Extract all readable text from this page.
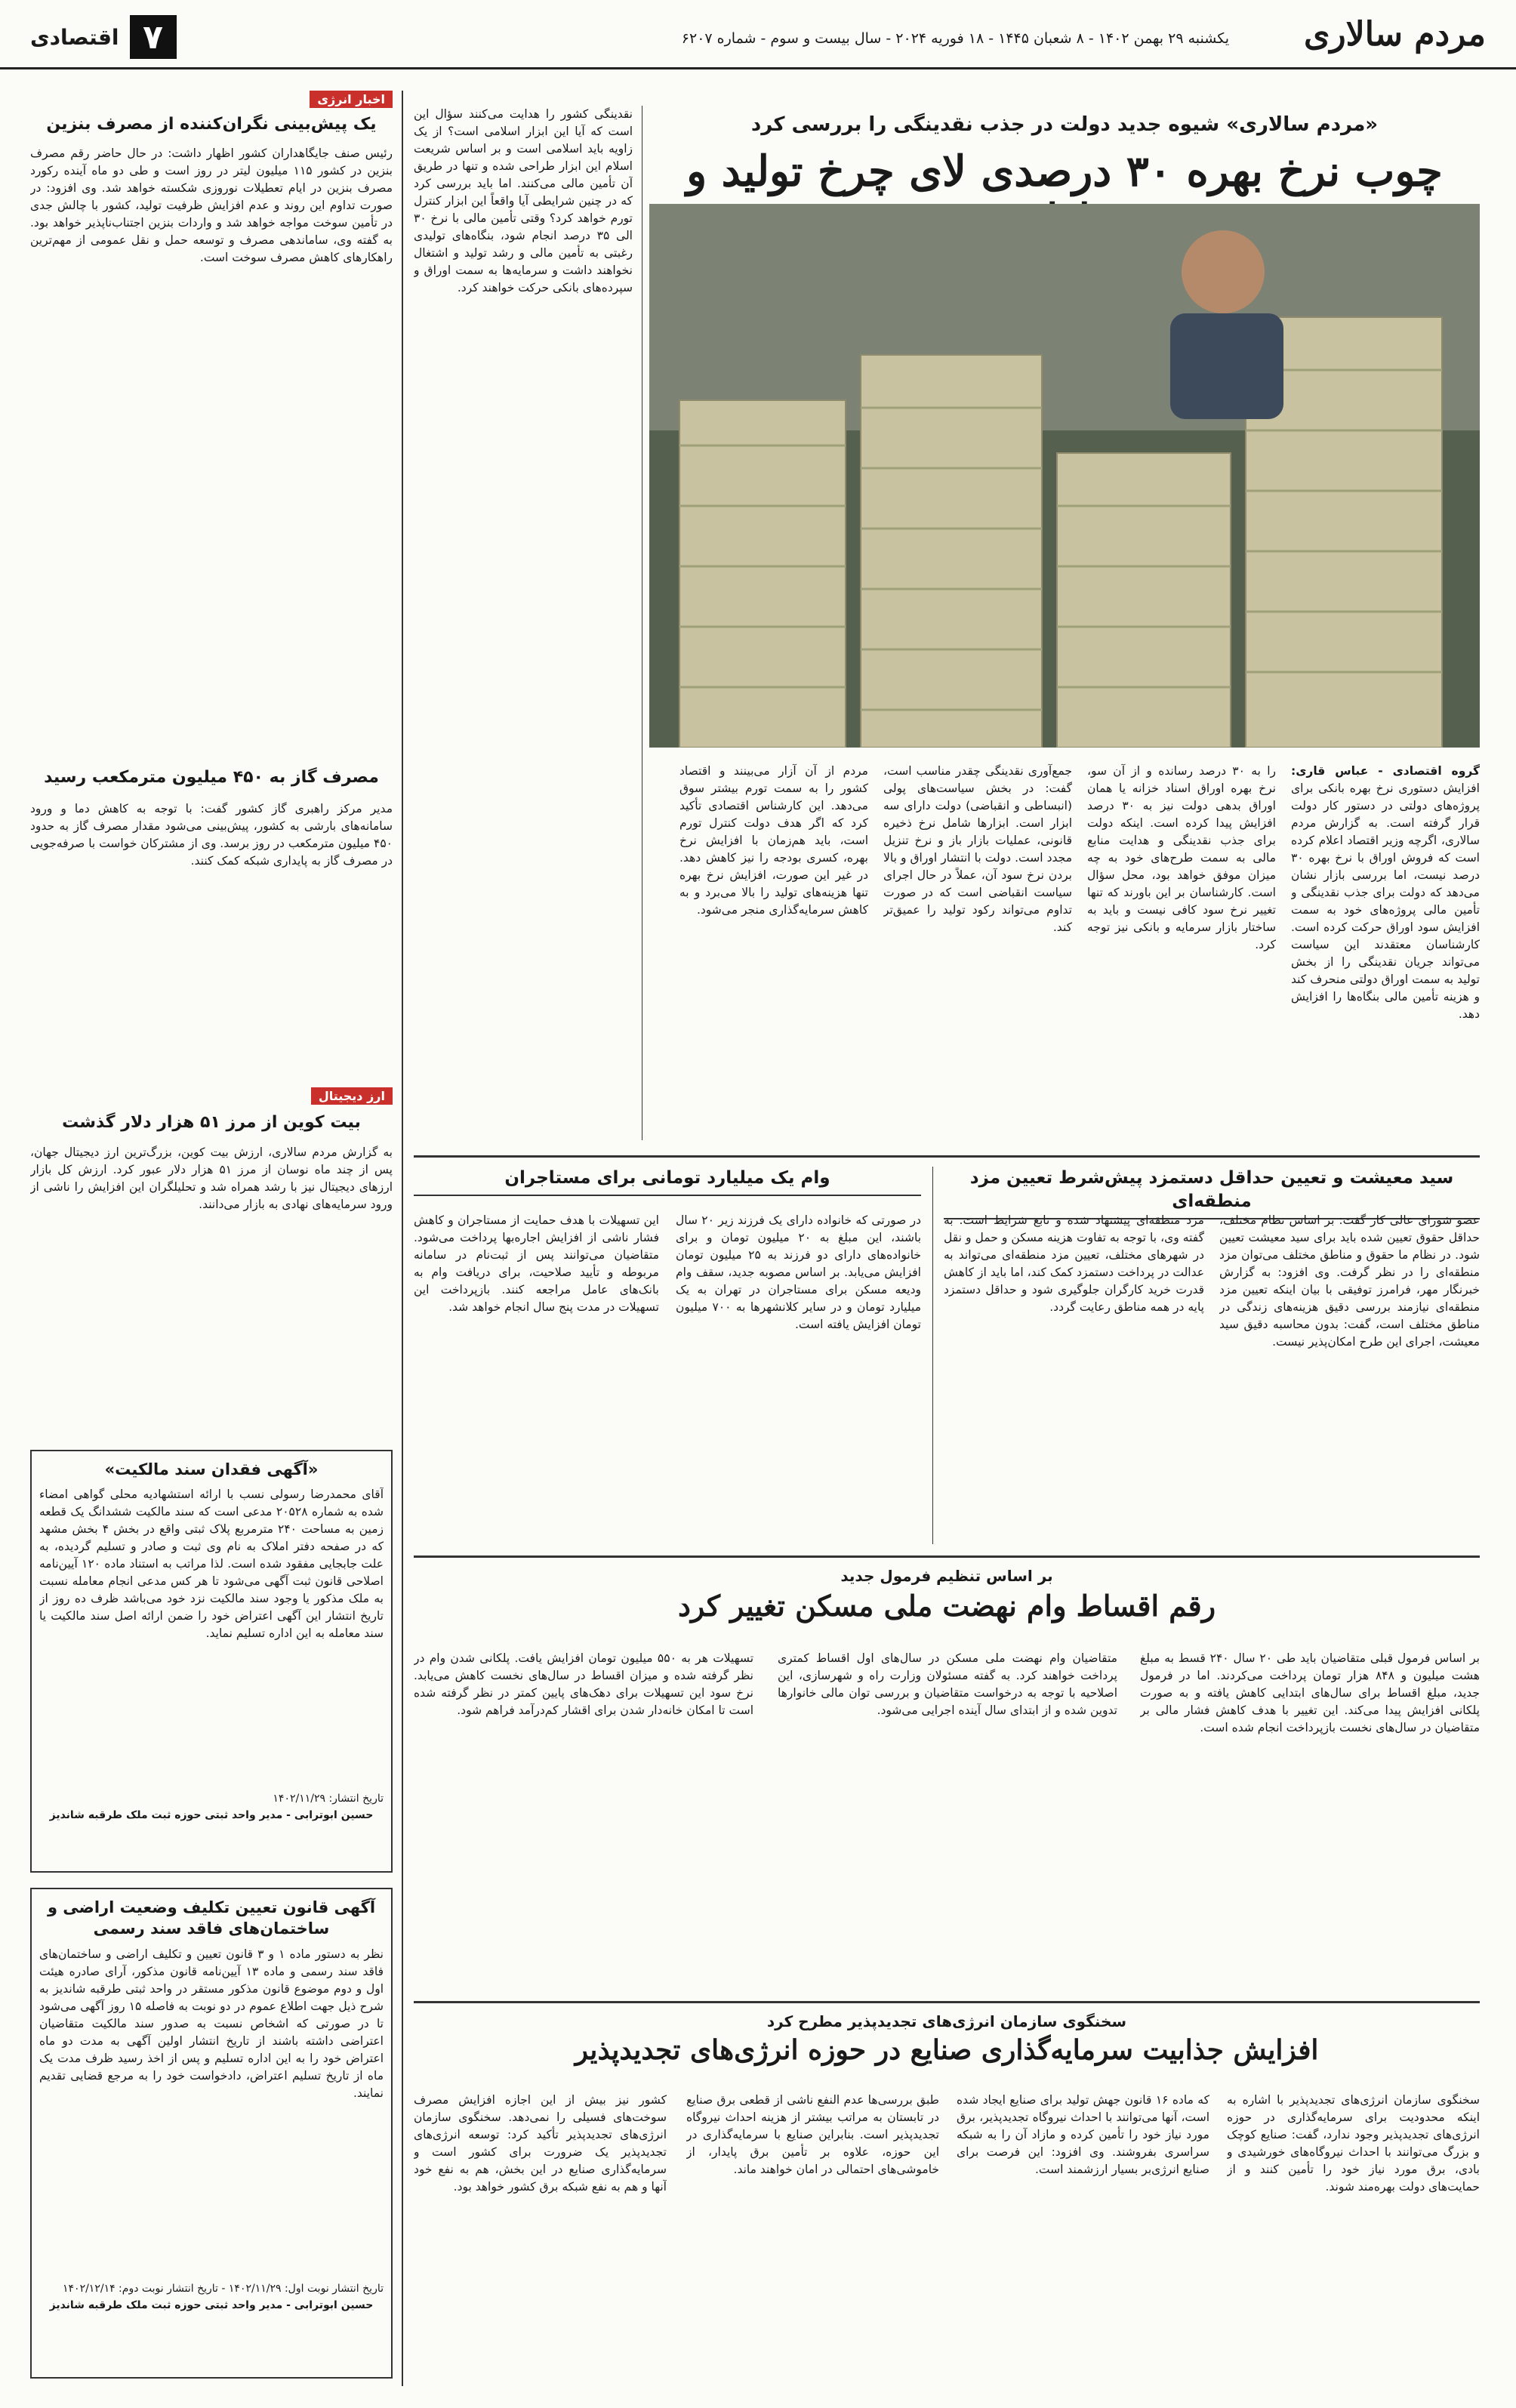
مردم سالاری
یکشنبه ۲۹ بهمن ۱۴۰۲ - ۸ شعبان ۱۴۴۵ - ۱۸ فوریه ۲۰۲۴ - سال بیست و سوم - شماره ۶۲۰۷
۷
اقتصادی
اخبار انرژی
یک پیش‌بینی نگران‌کننده از مصرف بنزین
رئیس صنف جایگاهداران کشور اظهار داشت: در حال حاضر رقم مصرف بنزین در کشور ۱۱۵ میلیون لیتر در روز است و طی دو ماه آینده رکورد مصرف بنزین در ایام تعطیلات نوروزی شکسته خواهد شد. وی افزود: در صورت تداوم این روند و عدم افزایش ظرفیت تولید، کشور با چالش جدی در تأمین سوخت مواجه خواهد شد و واردات بنزین اجتناب‌ناپذیر خواهد بود. به گفته وی، ساماندهی مصرف و توسعه حمل و نقل عمومی از مهم‌ترین راهکارهای کاهش مصرف سوخت است.
مصرف گاز به ۴۵۰ میلیون مترمکعب رسید
مدیر مرکز راهبری گاز کشور گفت: با توجه به کاهش دما و ورود سامانه‌های بارشی به کشور، پیش‌بینی می‌شود مقدار مصرف گاز به حدود ۴۵۰ میلیون مترمکعب در روز برسد. وی از مشترکان خواست با صرفه‌جویی در مصرف گاز به پایداری شبکه کمک کنند.
ارز دیجیتال
بیت کوین از مرز ۵۱ هزار دلار گذشت
به گزارش مردم سالاری، ارزش بیت کوین، بزرگ‌ترین ارز دیجیتال جهان، پس از چند ماه نوسان از مرز ۵۱ هزار دلار عبور کرد. ارزش کل بازار ارزهای دیجیتال نیز با رشد همراه شد و تحلیلگران این افزایش را ناشی از ورود سرمایه‌های نهادی به بازار می‌دانند.
«آگهی فقدان سند مالکیت»
آقای محمدرضا رسولی نسب با ارائه استشهادیه محلی گواهی امضاء شده به شماره ۲۰۵۲۸ مدعی است که سند مالکیت ششدانگ یک قطعه زمین به مساحت ۲۴۰ مترمربع پلاک ثبتی واقع در بخش ۴ بخش مشهد که در صفحه دفتر املاک به نام وی ثبت و صادر و تسلیم گردیده، به علت جابجایی مفقود شده است. لذا مراتب به استناد ماده ۱۲۰ آیین‌نامه اصلاحی قانون ثبت آگهی می‌شود تا هر کس مدعی انجام معامله نسبت به ملک مذکور یا وجود سند مالکیت نزد خود می‌باشد ظرف ده روز از تاریخ انتشار این آگهی اعتراض خود را ضمن ارائه اصل سند مالکیت یا سند معامله به این اداره تسلیم نماید.
تاریخ انتشار: ۱۴۰۲/۱۱/۲۹
حسین ابوترابی - مدیر واحد ثبتی حوزه ثبت ملک طرقبه شاندیز
آگهی قانون تعیین تکلیف وضعیت اراضی و ساختمان‌های فاقد سند رسمی
نظر به دستور ماده ۱ و ۳ قانون تعیین و تکلیف اراضی و ساختمان‌های فاقد سند رسمی و ماده ۱۳ آیین‌نامه قانون مذکور، آرای صادره هیئت اول و دوم موضوع قانون مذکور مستقر در واحد ثبتی طرقبه شاندیز به شرح ذیل جهت اطلاع عموم در دو نوبت به فاصله ۱۵ روز آگهی می‌شود تا در صورتی که اشخاص نسبت به صدور سند مالکیت متقاضیان اعتراضی داشته باشند از تاریخ انتشار اولین آگهی به مدت دو ماه اعتراض خود را به این اداره تسلیم و پس از اخذ رسید ظرف مدت یک ماه از تاریخ تسلیم اعتراض، دادخواست خود را به مرجع قضایی تقدیم نمایند.
تاریخ انتشار نوبت اول: ۱۴۰۲/۱۱/۲۹ - تاریخ انتشار نوبت دوم: ۱۴۰۲/۱۲/۱۴
حسین ابوترابی - مدیر واحد ثبتی حوزه ثبت ملک طرقبه شاندیز
«مردم سالاری» شیوه جدید دولت در جذب نقدینگی را بررسی کرد
چوب نرخ بهره ۳۰ درصدی لای چرخ تولید و
گروه اقتصادی - عباس قاری: افزایش دستوری نرخ بهره بانکی برای پروژه‌های دولتی در دستور کار دولت قرار گرفته است. به گزارش مردم سالاری، اگرچه وزیر اقتصاد اعلام کرده است که فروش اوراق با نرخ بهره ۳۰ درصد نیست، اما بررسی بازار نشان می‌دهد که دولت برای جذب نقدینگی و تأمین مالی پروژه‌های خود به سمت افزایش سود اوراق حرکت کرده است. کارشناسان معتقدند این سیاست می‌تواند جریان نقدینگی را از بخش تولید به سمت اوراق دولتی منحرف کند و هزینه تأمین مالی بنگاه‌ها را افزایش دهد.
را به ۳۰ درصد رسانده و از آن سو، نرخ بهره اوراق اسناد خزانه یا همان اوراق بدهی دولت نیز به ۳۰ درصد افزایش پیدا کرده است. اینکه دولت برای جذب نقدینگی و هدایت منابع مالی به سمت طرح‌های خود به چه میزان موفق خواهد بود، محل سؤال است. کارشناسان بر این باورند که تنها تغییر نرخ سود کافی نیست و باید به ساختار بازار سرمایه و بانکی نیز توجه کرد.
جمع‌آوری نقدینگی چقدر مناسب است، گفت: در بخش سیاست‌های پولی (انبساطی و انقباضی) دولت دارای سه ابزار است. ابزارها شامل نرخ ذخیره قانونی، عملیات بازار باز و نرخ تنزیل مجدد است. دولت با انتشار اوراق و بالا بردن نرخ سود آن، عملاً در حال اجرای سیاست انقباضی است که در صورت تداوم می‌تواند رکود تولید را عمیق‌تر کند.
مردم از آن آزار می‌بینند و اقتصاد کشور را به سمت تورم بیشتر سوق می‌دهد. این کارشناس اقتصادی تأکید کرد که اگر هدف دولت کنترل تورم است، باید هم‌زمان با افزایش نرخ بهره، کسری بودجه را نیز کاهش دهد. در غیر این صورت، افزایش نرخ بهره تنها هزینه‌های تولید را بالا می‌برد و به کاهش سرمایه‌گذاری منجر می‌شود.
نقدینگی کشور را هدایت می‌کنند سؤال این است که آیا این ابزار اسلامی است؟ از یک زاویه باید اسلامی است و بر اساس شریعت اسلام این ابزار طراحی شده و تنها در طریق آن تأمین مالی می‌کنند. اما باید بررسی کرد که در چنین شرایطی آیا واقعاً این ابزار کنترل تورم خواهد کرد؟ وقتی تأمین مالی با نرخ ۳۰ الی ۳۵ درصد انجام شود، بنگاه‌های تولیدی رغبتی به تأمین مالی و رشد تولید و اشتغال نخواهند داشت و سرمایه‌ها به سمت اوراق و سپرده‌های بانکی حرکت خواهند کرد.
سید معیشت و تعیین حداقل دستمزد پیش‌شرط تعیین مزد منطقه‌ای
عضو شورای عالی کار گفت: بر اساس نظام مختلف، حداقل حقوق تعیین شده باید برای سید معیشت تعیین شود. در نظام ما حقوق و مناطق مختلف می‌توان مزد منطقه‌ای را در نظر گرفت. وی افزود: به گزارش خبرنگار مهر، فرامرز توفیقی با بیان اینکه تعیین مزد منطقه‌ای نیازمند بررسی دقیق هزینه‌های زندگی در مناطق مختلف است، گفت: بدون محاسبه دقیق سید معیشت، اجرای این طرح امکان‌پذیر نیست.
مزد منطقه‌ای پیشنهاد شده و تابع شرایط است. به گفته وی، با توجه به تفاوت هزینه مسکن و حمل و نقل در شهرهای مختلف، تعیین مزد منطقه‌ای می‌تواند به عدالت در پرداخت دستمزد کمک کند، اما باید از کاهش قدرت خرید کارگران جلوگیری شود و حداقل دستمزد پایه در همه مناطق رعایت گردد.
وام یک میلیارد تومانی برای مستاجران
در صورتی که خانواده دارای یک فرزند زیر ۲۰ سال باشند، این مبلغ به ۲۰ میلیون تومان و برای خانواده‌های دارای دو فرزند به ۲۵ میلیون تومان افزایش می‌یابد. بر اساس مصوبه جدید، سقف وام ودیعه مسکن برای مستاجران در تهران به یک میلیارد تومان و در سایر کلانشهرها به ۷۰۰ میلیون تومان افزایش یافته است.
این تسهیلات با هدف حمایت از مستاجران و کاهش فشار ناشی از افزایش اجاره‌بها پرداخت می‌شود. متقاضیان می‌توانند پس از ثبت‌نام در سامانه مربوطه و تأیید صلاحیت، برای دریافت وام به بانک‌های عامل مراجعه کنند. بازپرداخت این تسهیلات در مدت پنج سال انجام خواهد شد.
بر اساس تنظیم فرمول جدید
رقم اقساط وام نهضت ملی مسکن تغییر کرد
بر اساس فرمول قبلی متقاضیان باید طی ۲۰ سال ۲۴۰ قسط به مبلغ هشت میلیون و ۸۴۸ هزار تومان پرداخت می‌کردند. اما در فرمول جدید، مبلغ اقساط برای سال‌های ابتدایی کاهش یافته و به صورت پلکانی افزایش پیدا می‌کند. این تغییر با هدف کاهش فشار مالی بر متقاضیان در سال‌های نخست بازپرداخت انجام شده است.
متقاضیان وام نهضت ملی مسکن در سال‌های اول اقساط کمتری پرداخت خواهند کرد. به گفته مسئولان وزارت راه و شهرسازی، این اصلاحیه با توجه به درخواست متقاضیان و بررسی توان مالی خانوارها تدوین شده و از ابتدای سال آینده اجرایی می‌شود.
تسهیلات هر به ۵۵۰ میلیون تومان افزایش یافت. پلکانی شدن وام در نظر گرفته شده و میزان اقساط در سال‌های نخست کاهش می‌یابد. نرخ سود این تسهیلات برای دهک‌های پایین کمتر در نظر گرفته شده است تا امکان خانه‌دار شدن برای اقشار کم‌درآمد فراهم شود.
سخنگوی سازمان انرژی‌های تجدیدپذیر مطرح کرد
افزایش جذابیت سرمایه‌گذاری صنایع در حوزه انرژی‌های تجدیدپذیر
سخنگوی سازمان انرژی‌های تجدیدپذیر با اشاره به اینکه محدودیت برای سرمایه‌گذاری در حوزه انرژی‌های تجدیدپذیر وجود ندارد، گفت: صنایع کوچک و بزرگ می‌توانند با احداث نیروگاه‌های خورشیدی و بادی، برق مورد نیاز خود را تأمین کنند و از حمایت‌های دولت بهره‌مند شوند.
که ماده ۱۶ قانون جهش تولید برای صنایع ایجاد شده است، آنها می‌توانند با احداث نیروگاه تجدیدپذیر، برق مورد نیاز خود را تأمین کرده و مازاد آن را به شبکه سراسری بفروشند. وی افزود: این فرصت برای صنایع انرژی‌بر بسیار ارزشمند است.
طبق بررسی‌ها عدم النفع ناشی از قطعی برق صنایع در تابستان به مراتب بیشتر از هزینه احداث نیروگاه تجدیدپذیر است. بنابراین صنایع با سرمایه‌گذاری در این حوزه، علاوه بر تأمین برق پایدار، از خاموشی‌های احتمالی در امان خواهند ماند.
کشور نیز بیش از این اجازه افزایش مصرف سوخت‌های فسیلی را نمی‌دهد. سخنگوی سازمان انرژی‌های تجدیدپذیر تأکید کرد: توسعه انرژی‌های تجدیدپذیر یک ضرورت برای کشور است و سرمایه‌گذاری صنایع در این بخش، هم به نفع خود آنها و هم به نفع شبکه برق کشور خواهد بود.
